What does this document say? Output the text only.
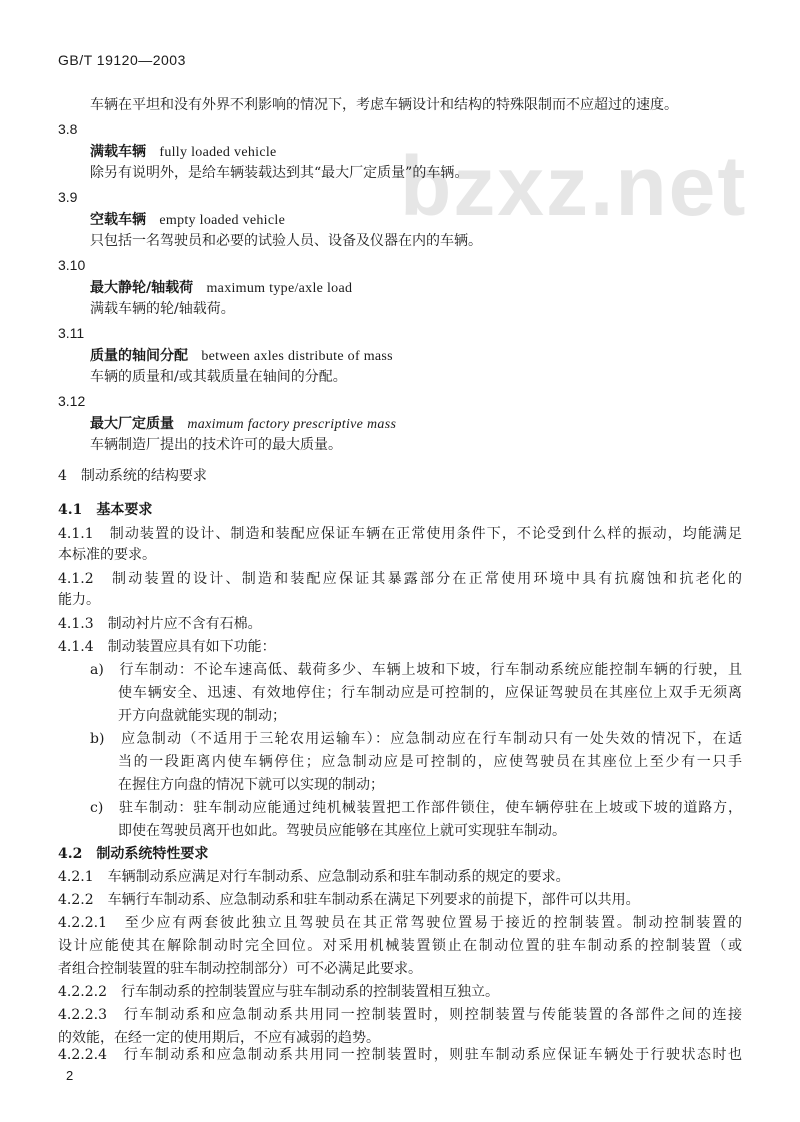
GB/T 19120—2003
bzxz.net
车辆在平坦和没有外界不利影响的情况下，考虑车辆设计和结构的特殊限制而不应超过的速度。
3.8
满载车辆 fully loaded vehicle
除另有说明外，是给车辆装载达到其“最大厂定质量”的车辆。
3.9
空载车辆 empty loaded vehicle
只包括一名驾驶员和必要的试验人员、设备及仪器在内的车辆。
3.10
最大静轮/轴载荷 maximum type/axle load
满载车辆的轮/轴载荷。
3.11
质量的轴间分配 between axles distribute of mass
车辆的质量和/或其载质量在轴间的分配。
3.12
最大厂定质量 maximum factory prescriptive mass
车辆制造厂提出的技术许可的最大质量。
4　制动系统的结构要求
4.1　基本要求
4.1.1　制动装置的设计、制造和装配应保证车辆在正常使用条件下，不论受到什么样的振动，均能满足
本标准的要求。
4.1.2　制动装置的设计、制造和装配应保证其暴露部分在正常使用环境中具有抗腐蚀和抗老化的
能力。
4.1.3　制动衬片应不含有石棉。
4.1.4　制动装置应具有如下功能：
a)　行车制动：不论车速高低、载荷多少、车辆上坡和下坡，行车制动系统应能控制车辆的行驶，且
使车辆安全、迅速、有效地停住；行车制动应是可控制的，应保证驾驶员在其座位上双手无须离
开方向盘就能实现的制动；
b)　应急制动（不适用于三轮农用运输车）：应急制动应在行车制动只有一处失效的情况下，在适
当的一段距离内使车辆停住；应急制动应是可控制的，应使驾驶员在其座位上至少有一只手
在握住方向盘的情况下就可以实现的制动；
c)　驻车制动：驻车制动应能通过纯机械装置把工作部件锁住，使车辆停驻在上坡或下坡的道路方，
即使在驾驶员离开也如此。驾驶员应能够在其座位上就可实现驻车制动。
4.2　制动系统特性要求
4.2.1　车辆制动系应满足对行车制动系、应急制动系和驻车制动系的规定的要求。
4.2.2　车辆行车制动系、应急制动系和驻车制动系在满足下列要求的前提下，部件可以共用。
4.2.2.1　至少应有两套彼此独立且驾驶员在其正常驾驶位置易于接近的控制装置。制动控制装置的
设计应能使其在解除制动时完全回位。对采用机械装置锁止在制动位置的驻车制动系的控制装置（或
者组合控制装置的驻车制动控制部分）可不必满足此要求。
4.2.2.2　行车制动系的控制装置应与驻车制动系的控制装置相互独立。
4.2.2.3　行车制动系和应急制动系共用同一控制装置时，则控制装置与传能装置的各部件之间的连接
的效能，在经一定的使用期后，不应有减弱的趋势。
4.2.2.4　行车制动系和应急制动系共用同一控制装置时，则驻车制动系应保证车辆处于行驶状态时也
2
